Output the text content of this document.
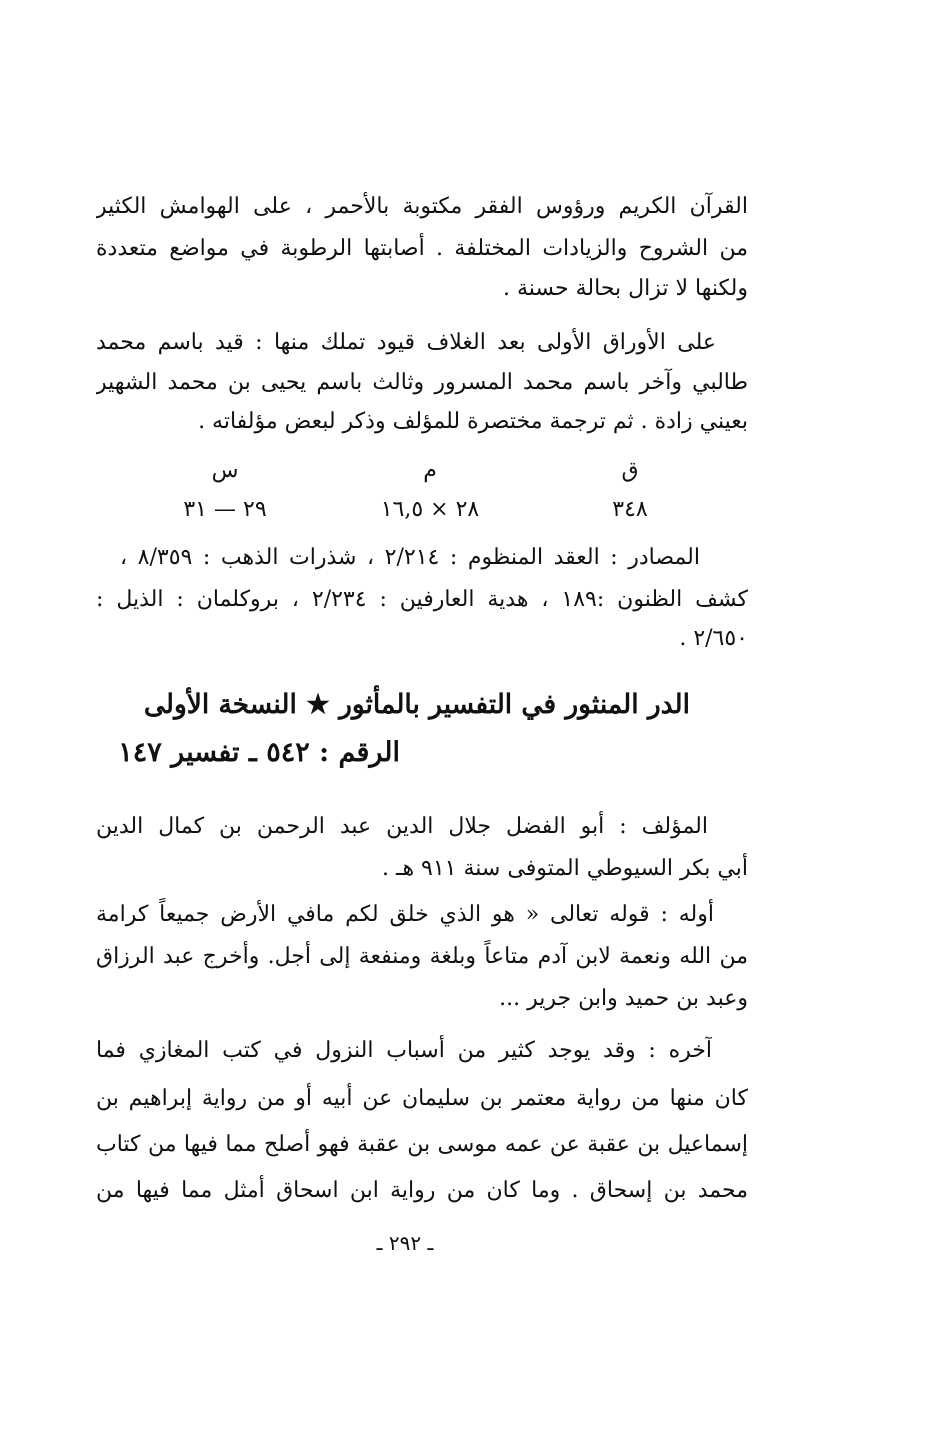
القرآن الكريم ورؤوس الفقر مكتوبة بالأحمر ، على الهوامش الكثير
من الشروح والزيادات المختلفة . أصابتها الرطوبة في مواضع متعددة
ولكنها لا تزال بحالة حسنة .
على الأوراق الأولى بعد الغلاف قيود تملك منها : قيد باسم محمد
طالبي وآخر باسم محمد المسرور وثالث باسم يحيى بن محمد الشهير
بعيني زادة . ثم ترجمة مختصرة للمؤلف وذكر لبعض مؤلفاته .
ق
م
س
٣٤٨
٢٨ × ١٦,٥
٢٩ — ٣١
المصادر : العقد المنظوم : ٢/٢١٤ ، شذرات الذهب : ٨/٣٥٩ ،
كشف الظنون :١٨٩ ، هدية العارفين : ٢/٢٣٤ ، بروكلمان : الذيل :
٢/٦٥٠ .
الدر المنثور في التفسير بالمأثور ★ النسخة الأولى
الرقم : ٥٤٢ ـ تفسير ١٤٧
المؤلف : أبو الفضل جلال الدين عبد الرحمن بن كمال الدين
أبي بكر السيوطي المتوفى سنة ٩١١ هـ .
أوله : قوله تعالى « هو الذي خلق لكم مافي الأرض جميعاً كرامة
من الله ونعمة لابن آدم متاعاً وبلغة ومنفعة إلى أجل. وأخرج عبد الرزاق
وعبد بن حميد وابن جرير ...
آخره : وقد يوجد كثير من أسباب النزول في كتب المغازي فما
كان منها من رواية معتمر بن سليمان عن أبيه أو من رواية إبراهيم بن
إسماعيل بن عقبة عن عمه موسى بن عقبة فهو أصلح مما فيها من كتاب
محمد بن إسحاق . وما كان من رواية ابن اسحاق أمثل مما فيها من
ـ ٢٩٢ ـ
